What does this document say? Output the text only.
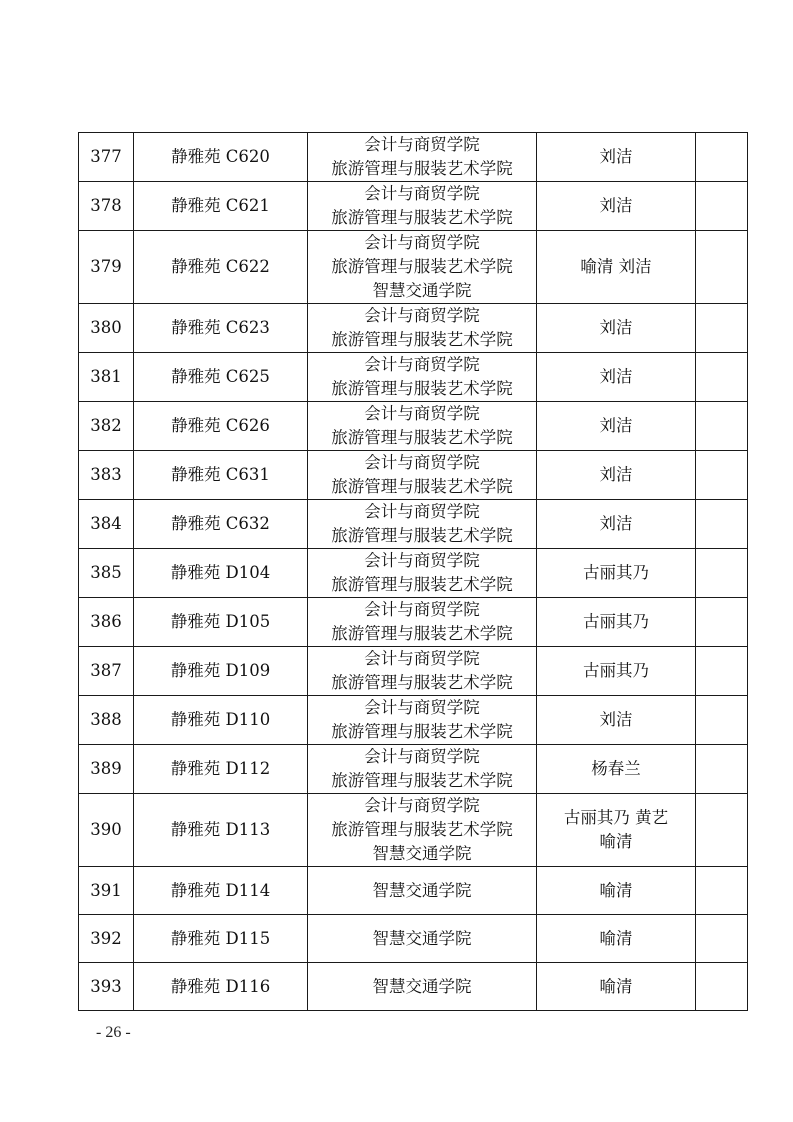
377	静雅苑 C620	会计与商贸学院
旅游管理与服装艺术学院	刘洁	

378	静雅苑 C621	会计与商贸学院
旅游管理与服装艺术学院	刘洁	

379	静雅苑 C622	会计与商贸学院
旅游管理与服装艺术学院
智慧交通学院	喻清 刘洁	

380	静雅苑 C623	会计与商贸学院
旅游管理与服装艺术学院	刘洁	

381	静雅苑 C625	会计与商贸学院
旅游管理与服装艺术学院	刘洁	

382	静雅苑 C626	会计与商贸学院
旅游管理与服装艺术学院	刘洁	

383	静雅苑 C631	会计与商贸学院
旅游管理与服装艺术学院	刘洁	

384	静雅苑 C632	会计与商贸学院
旅游管理与服装艺术学院	刘洁	

385	静雅苑 D104	会计与商贸学院
旅游管理与服装艺术学院	古丽其乃	

386	静雅苑 D105	会计与商贸学院
旅游管理与服装艺术学院	古丽其乃	

387	静雅苑 D109	会计与商贸学院
旅游管理与服装艺术学院	古丽其乃	

388	静雅苑 D110	会计与商贸学院
旅游管理与服装艺术学院	刘洁	

389	静雅苑 D112	会计与商贸学院
旅游管理与服装艺术学院	杨春兰	

390	静雅苑 D113	会计与商贸学院
旅游管理与服装艺术学院
智慧交通学院	古丽其乃 黄艺
喻清	

391	静雅苑 D114	智慧交通学院	喻清	

392	静雅苑 D115	智慧交通学院	喻清	

393	静雅苑 D116	智慧交通学院	喻清	

- 26 -
